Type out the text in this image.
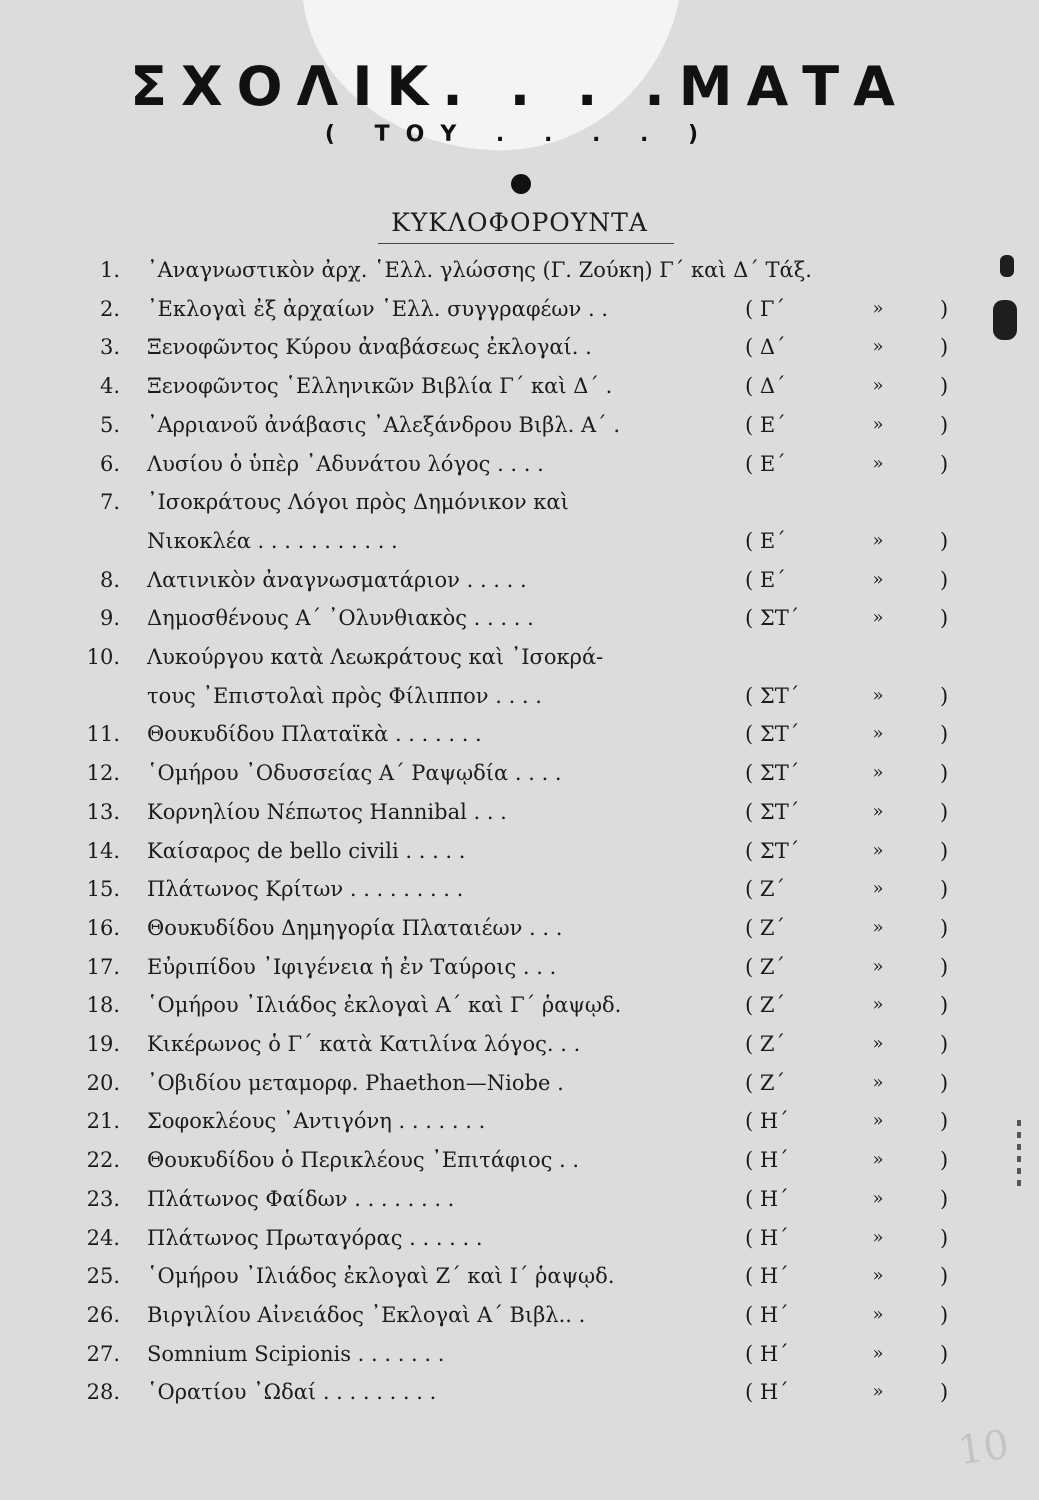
ΣΧΟΛΙΚ. . . .ΜΑΤΑ
( ΤΟΥ . . . . )
ΚΥΚΛΟΦΟΡΟΥΝΤΑ
1. ᾿Αναγνωστικὸν ἀρχ. ῾Ελλ. γλώσσης (Γ. Ζούκη) Γ΄ καὶ Δ΄ Τάξ.
2. ᾿Εκλογαὶ ἐξ ἀρχαίων ῾Ελλ. συγγραφέων . .	( Γ΄	»	)
3. Ξενοφῶντος Κύρου ἀναβάσεως ἐκλογαί. .	( Δ΄	»	)
4. Ξενοφῶντος ῾Ελληνικῶν Βιβλία Γ΄ καὶ Δ΄ .	( Δ΄	»	)
5. ᾿Αρριανοῦ ἀνάβασις ᾿Αλεξάνδρου Βιβλ. Α΄ .	( Ε΄	»	)
6. Λυσίου ὁ ὑπὲρ ᾿Αδυνάτου λόγος . . . .	( Ε΄	»	)
7. ᾿Ισοκράτους Λόγοι πρὸς Δημόνικον καὶ
Νικοκλέα . . . . . . . . . . .	( Ε΄	»	)
8. Λατινικὸν ἀναγνωσματάριον . . . . .	( Ε΄	»	)
9. Δημοσθένους Α΄ ᾿Ολυνθιακὸς . . . . .	( ΣΤ΄	»	)
10. Λυκούργου κατὰ Λεωκράτους καὶ ᾿Ισοκρά-
τους ᾿Επιστολαὶ πρὸς Φίλιππον . . . .	( ΣΤ΄	»	)
11. Θουκυδίδου Πλαταϊκὰ . . . . . . .	( ΣΤ΄	»	)
12. ῾Ομήρου ᾿Οδυσσείας Α΄ Ραψῳδία . . . .	( ΣΤ΄	»	)
13. Κορνηλίου Νέπωτος Hannibal . . .	( ΣΤ΄	»	)
14. Καίσαρος de bello civili . . . . .	( ΣΤ΄	»	)
15. Πλάτωνος Κρίτων . . . . . . . . .	( Ζ΄	»	)
16. Θουκυδίδου Δημηγορία Πλαταιέων . . .	( Ζ΄	»	)
17. Εὐριπίδου ᾿Ιφιγένεια ἡ ἐν Ταύροις . . .	( Ζ΄	»	)
18. ῾Ομήρου ᾿Ιλιάδος ἐκλογαὶ Α΄ καὶ Γ΄ ῥαψῳδ.	( Ζ΄	»	)
19. Κικέρωνος ὁ Γ΄ κατὰ Κατιλίνα λόγος. . .	( Ζ΄	»	)
20. ᾿Οβιδίου μεταμορφ. Phaethon—Niobe .	( Ζ΄	»	)
21. Σοφοκλέους ᾿Αντιγόνη . . . . . . .	( Η΄	»	)
22. Θουκυδίδου ὁ Περικλέους ᾿Επιτάφιος . .	( Η΄	»	)
23. Πλάτωνος Φαίδων . . . . . . . .	( Η΄	»	)
24. Πλάτωνος Πρωταγόρας . . . . . .	( Η΄	»	)
25. ῾Ομήρου ᾿Ιλιάδος ἐκλογαὶ Ζ΄ καὶ Ι΄ ῥαψῳδ.	( Η΄	»	)
26. Βιργιλίου Αἰνειάδος ᾿Εκλογαὶ Α΄ Βιβλ.. .	( Η΄	»	)
27. Somnium Scipionis . . . . . . .	( Η΄	»	)
28. ῾Ορατίου ᾿Ωδαί . . . . . . . . .	( Η΄	»	)
10
